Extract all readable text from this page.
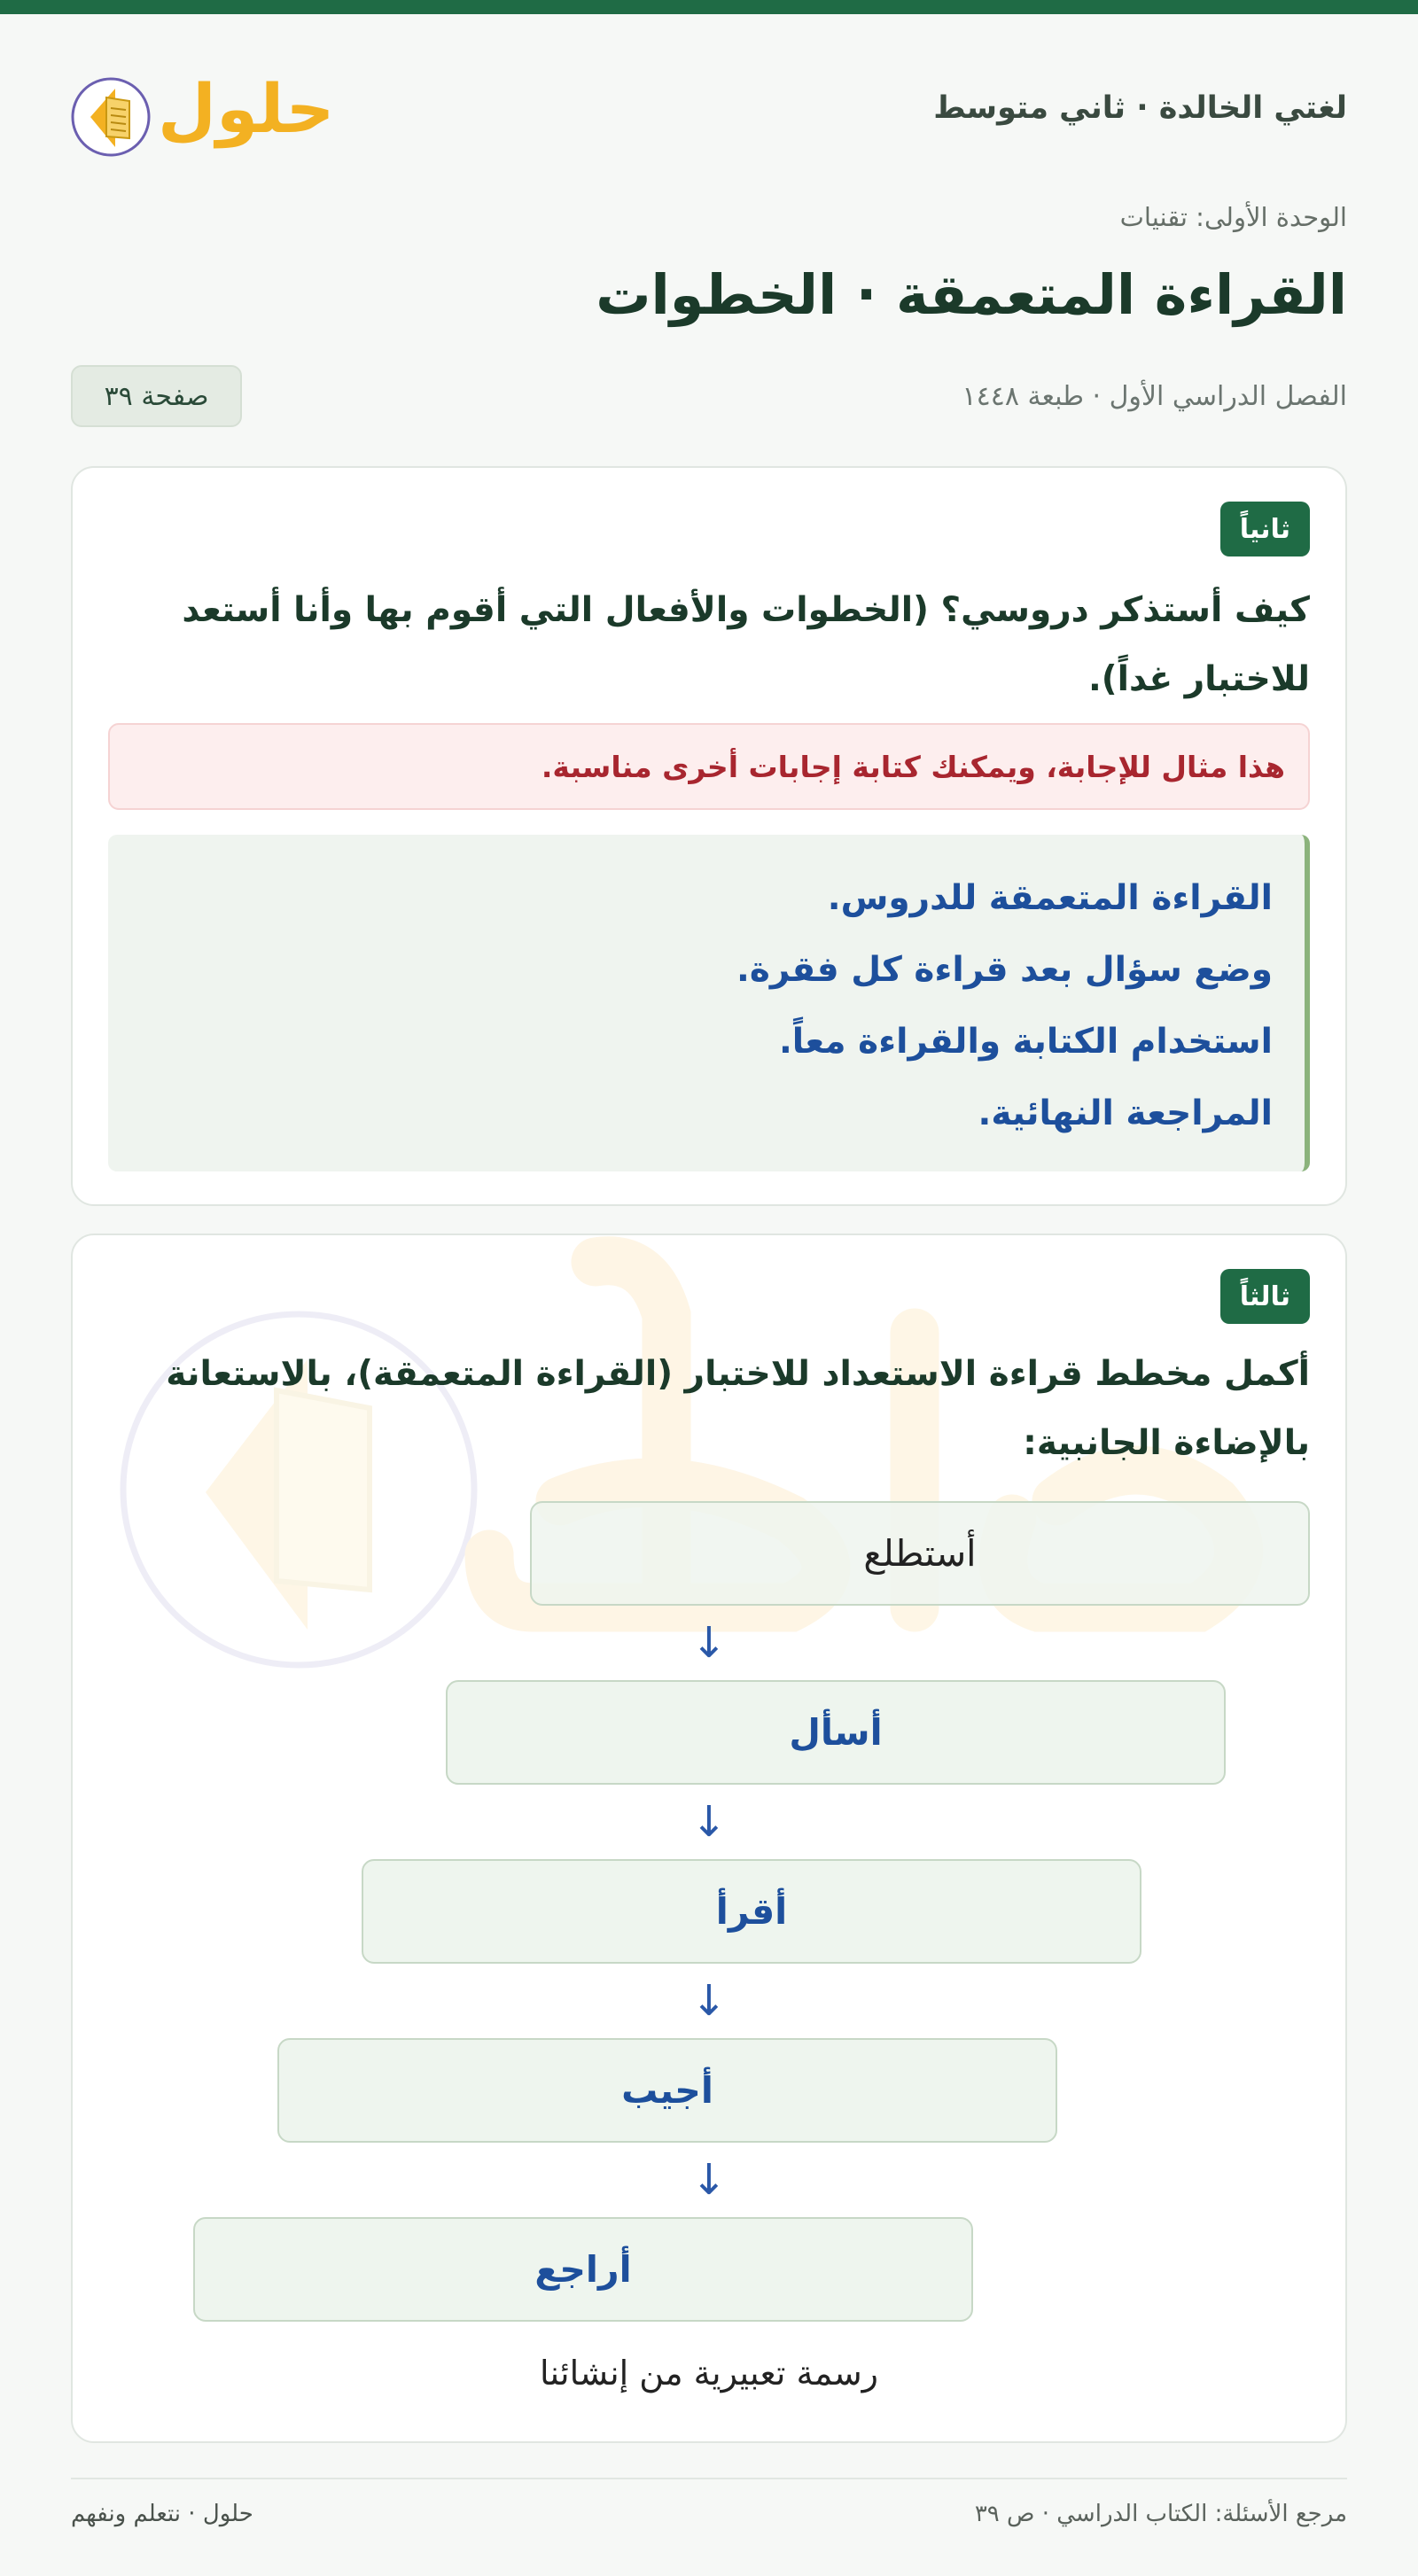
لغتي الخالدة · ثاني متوسط
حلول
الوحدة الأولى: تقنيات
القراءة المتعمقة · الخطوات
الفصل الدراسي الأول · طبعة ١٤٤٨
صفحة ٣٩
ثانياً
كيف أستذكر دروسي؟ (الخطوات والأفعال التي أقوم بها وأنا أستعد للاختبار غداً).
هذا مثال للإجابة، ويمكنك كتابة إجابات أخرى مناسبة.
القراءة المتعمقة للدروس.
وضع سؤال بعد قراءة كل فقرة.
استخدام الكتابة والقراءة معاً.
المراجعة النهائية.
ثالثاً
أكمل مخطط قراءة الاستعداد للاختبار (القراءة المتعمقة)، بالاستعانة بالإضاءة الجانبية:
أستطلع
↓
أسأل
↓
أقرأ
↓
أجيب
↓
أراجع
رسمة تعبيرية من إنشائنا
مرجع الأسئلة: الكتاب الدراسي · ص ٣٩
حلول · نتعلم ونفهم
